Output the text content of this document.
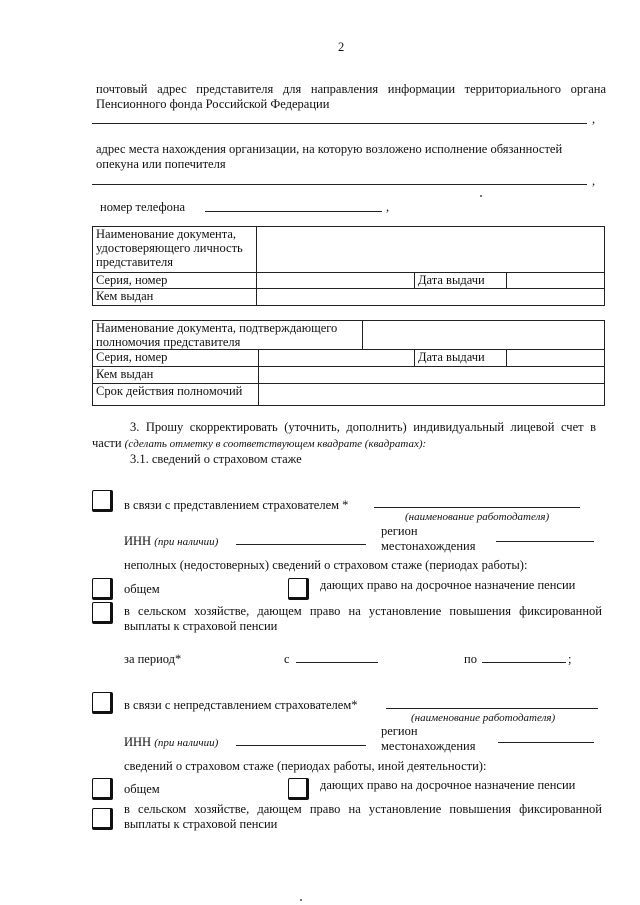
2
почтовый адрес представителя для направления информации территориального органа Пенсионного фонда Российской Федерации
,
адрес места нахождения организации, на которую возложено исполнение обязанностей опекуна или попечителя
,
номер телефона	,
Наименование документа, удостоверяющего личность представителя			
Серия, номер		Дата выдачи	
Кем выдан			
Наименование документа, подтверждающего полномочия представителя				
Серия, номер			Дата выдачи	
Кем выдан				
Срок действия полномочий				
3. Прошу скорректировать (уточнить, дополнить) индивидуальный лицевой счет в
части (сделать отметку в соответствующем квадрате (квадратах):
3.1. сведений о страховом стаже
в связи с представлением страхователем *
(наименование работодателя)
ИНН (при наличии)
регион
местонахождения
неполных (недостоверных) сведений о страховом стаже (периодах работы):
общем	дающих право на досрочное назначение пенсии
в сельском хозяйстве, дающем право на установление повышения фиксированной выплаты к страховой пенсии
за период*	с	по	;
в связи с непредставлением страхователем*
(наименование работодателя)
ИНН (при наличии)
регион
местонахождения
сведений о страховом стаже (периодах работы, иной деятельности):
общем	дающих право на досрочное назначение пенсии
в сельском хозяйстве, дающем право на установление повышения фиксированной выплаты к страховой пенсии
